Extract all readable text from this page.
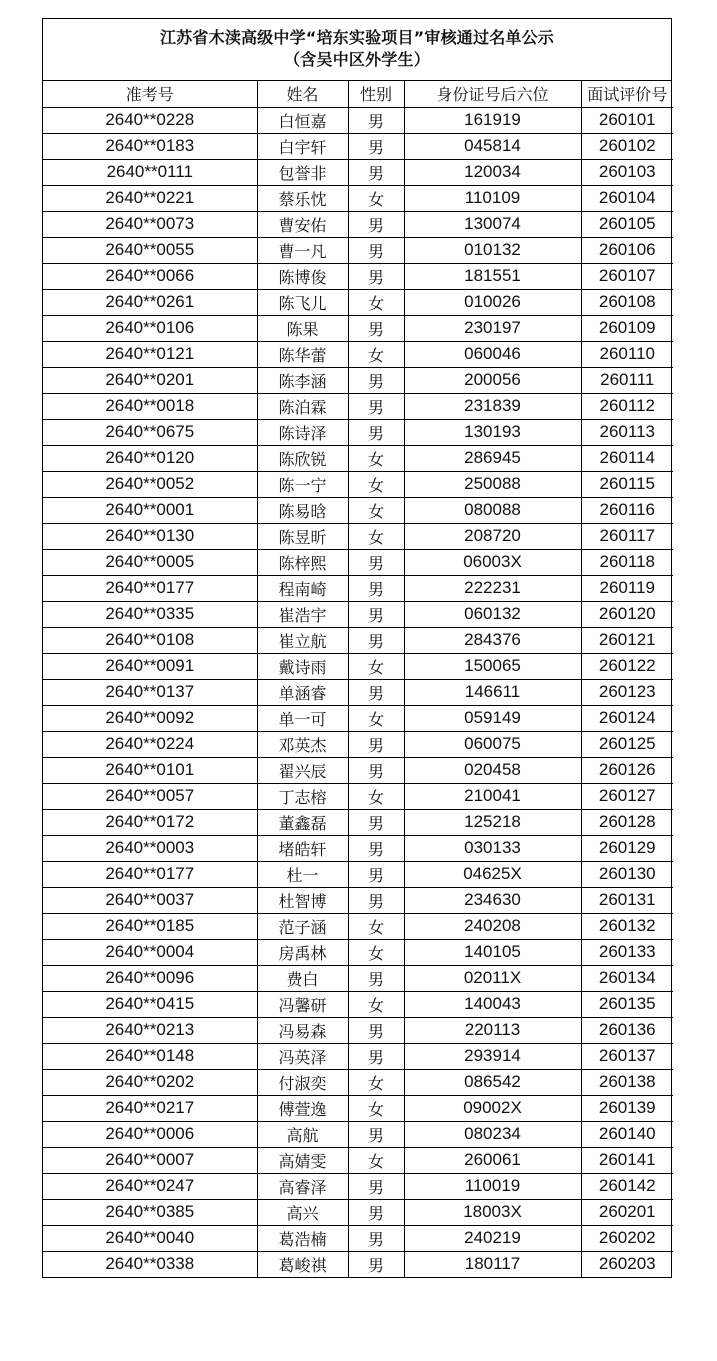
江苏省木渎高级中学“培东实验项目”审核通过名单公示
（含吴中区外学生）
准考号	姓名	性别	身份证号后六位	面试评价号
2640**0228	白恒嘉	男	161919	260101
2640**0183	白宇轩	男	045814	260102
2640**0111	包誉非	男	120034	260103
2640**0221	蔡乐忱	女	110109	260104
2640**0073	曹安佑	男	130074	260105
2640**0055	曹一凡	男	010132	260106
2640**0066	陈博俊	男	181551	260107
2640**0261	陈飞儿	女	010026	260108
2640**0106	陈果	男	230197	260109
2640**0121	陈华蕾	女	060046	260110
2640**0201	陈李涵	男	200056	260111
2640**0018	陈泊霖	男	231839	260112
2640**0675	陈诗泽	男	130193	260113
2640**0120	陈欣锐	女	286945	260114
2640**0052	陈一宁	女	250088	260115
2640**0001	陈易晗	女	080088	260116
2640**0130	陈昱昕	女	208720	260117
2640**0005	陈梓熙	男	06003X	260118
2640**0177	程南崎	男	222231	260119
2640**0335	崔浩宇	男	060132	260120
2640**0108	崔立航	男	284376	260121
2640**0091	戴诗雨	女	150065	260122
2640**0137	单涵睿	男	146611	260123
2640**0092	单一可	女	059149	260124
2640**0224	邓英杰	男	060075	260125
2640**0101	翟兴辰	男	020458	260126
2640**0057	丁志榕	女	210041	260127
2640**0172	董鑫磊	男	125218	260128
2640**0003	堵皓轩	男	030133	260129
2640**0177	杜一	男	04625X	260130
2640**0037	杜智博	男	234630	260131
2640**0185	范子涵	女	240208	260132
2640**0004	房禹林	女	140105	260133
2640**0096	费白	男	02011X	260134
2640**0415	冯馨研	女	140043	260135
2640**0213	冯易森	男	220113	260136
2640**0148	冯英泽	男	293914	260137
2640**0202	付淑奕	女	086542	260138
2640**0217	傅萱逸	女	09002X	260139
2640**0006	高航	男	080234	260140
2640**0007	高婧雯	女	260061	260141
2640**0247	高睿泽	男	110019	260142
2640**0385	高兴	男	18003X	260201
2640**0040	葛浩楠	男	240219	260202
2640**0338	葛峻祺	男	180117	260203
